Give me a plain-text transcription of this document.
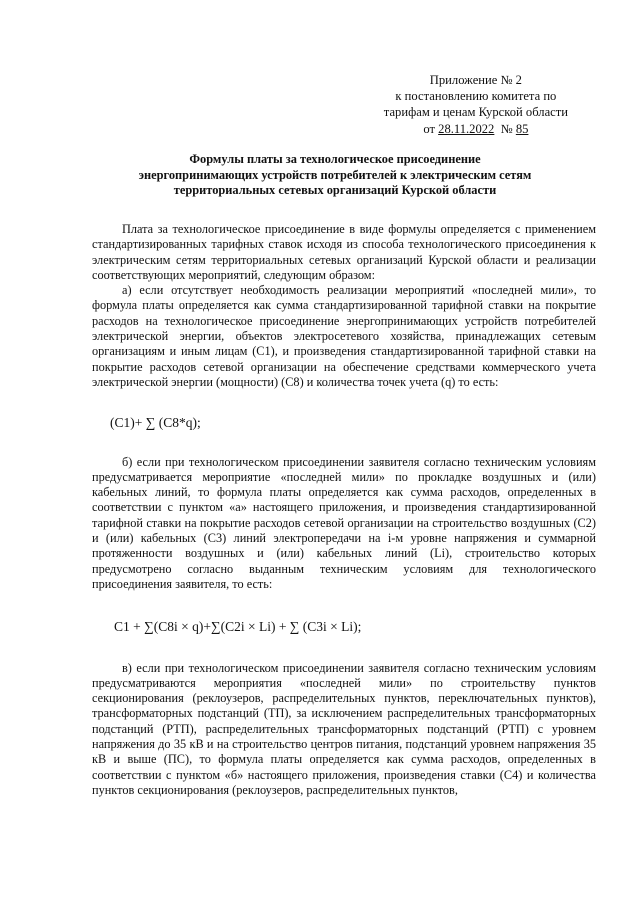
Приложение № 2
к постановлению комитета по
тарифам и ценам Курской области
от 28.11.2022  № 85
Формулы платы за технологическое присоединение
энергопринимающих устройств потребителей к электрическим сетям
территориальных сетевых организаций Курской области

Плата за технологическое присоединение в виде формулы определяется с применением стандартизированных тарифных ставок исходя из способа технологического присоединения к электрическим сетям территориальных сетевых организаций Курской области и реализации соответствующих мероприятий, следующим образом:

а) если отсутствует необходимость реализации мероприятий «последней мили», то формула платы определяется как сумма стандартизированной тарифной ставки на покрытие расходов на технологическое присоединение энергопринимающих устройств потребителей электрической энергии, объектов электросетевого хозяйства, принадлежащих сетевым организациям и иным лицам (С1), и произведения стандартизированной тарифной ставки на покрытие расходов сетевой организации на обеспечение средствами коммерческого учета электрической энергии (мощности) (С8) и количества точек учета (q) то есть:

(С1)+ ∑ (С8*q);

б) если при технологическом присоединении заявителя согласно техническим условиям предусматривается мероприятие «последней мили» по прокладке воздушных и (или) кабельных линий, то формула платы определяется как сумма расходов, определенных в соответствии с пунктом «а» настоящего приложения, и произведения стандартизированной тарифной ставки на покрытие расходов сетевой организации на строительство воздушных (С2) и (или) кабельных (С3) линий электропередачи на i-м уровне напряжения и суммарной протяженности воздушных и (или) кабельных линий (Li), строительство которых предусмотрено согласно выданным техническим условиям для технологического присоединения заявителя, то есть:

С1 + ∑(С8i × q)+∑(С2i × Li) + ∑ (С3i × Li);

в) если при технологическом присоединении заявителя согласно техническим условиям предусматриваются мероприятия «последней мили» по строительству пунктов секционирования (реклоузеров, распределительных пунктов, переключательных пунктов), трансформаторных подстанций (ТП), за исключением распределительных трансформаторных подстанций (РТП), распределительных трансформаторных подстанций (РТП) с уровнем напряжения до 35 кВ и на строительство центров питания, подстанций уровнем напряжения 35 кВ и выше (ПС), то формула платы определяется как сумма расходов, определенных в соответствии с пунктом «б» настоящего приложения, произведения ставки (С4) и количества пунктов секционирования (реклоузеров, распределительных пунктов,
